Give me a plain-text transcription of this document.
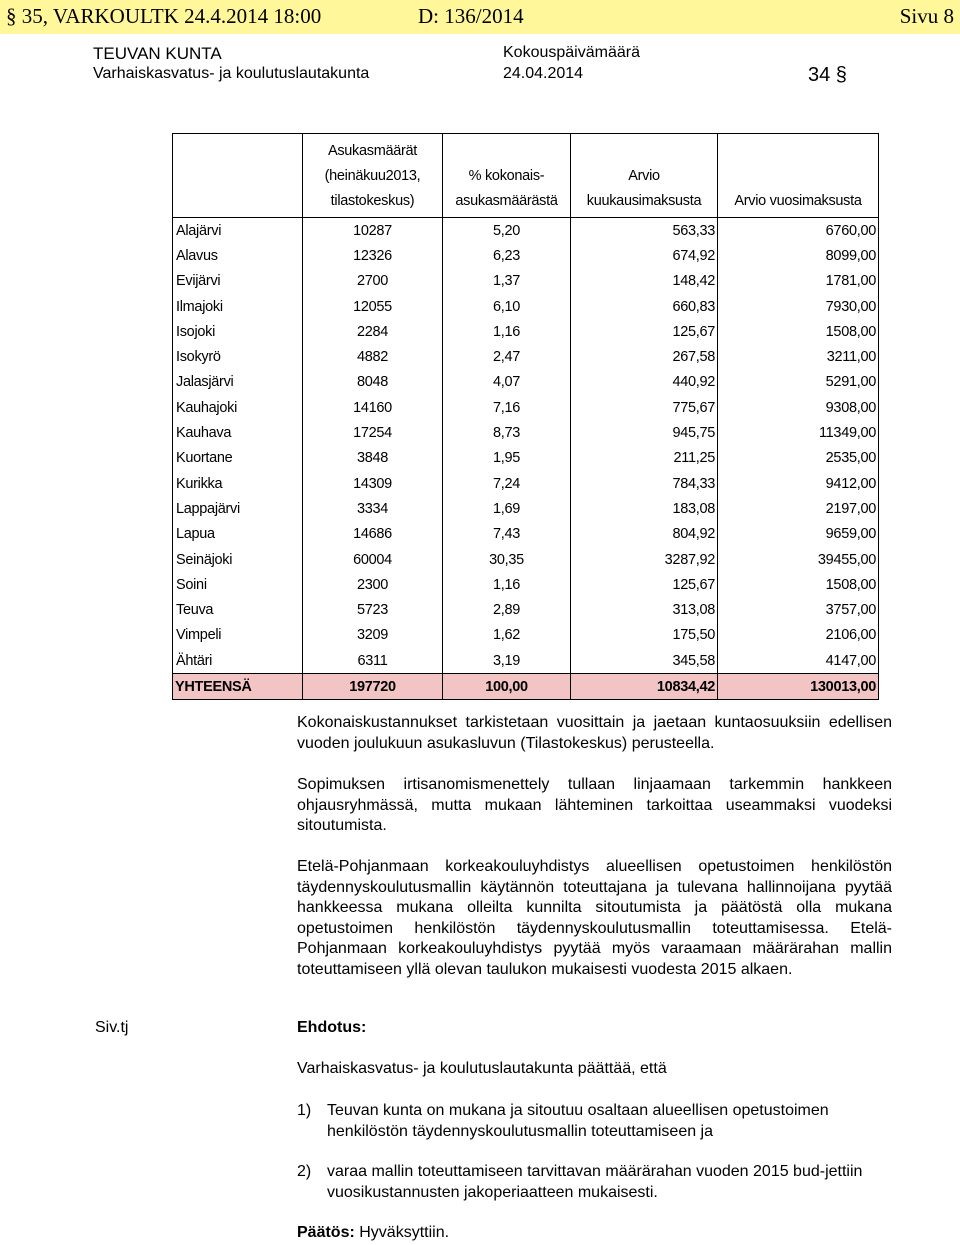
§ 35, VARKOULTK 24.4.2014 18:00	D: 136/2014	Sivu 8
TEUVAN KUNTA
Varhaiskasvatus- ja koulutuslautakunta
Kokouspäivämäärä
24.04.2014	34 §
	Asukasmäärät (heinäkuu2013, tilastokeskus)	% kokonais-asukasmäärästä	Arvio kuukausimaksusta	Arvio vuosimaksusta
Alajärvi	10287	5,20	563,33	6760,00
Alavus	12326	6,23	674,92	8099,00
Evijärvi	2700	1,37	148,42	1781,00
Ilmajoki	12055	6,10	660,83	7930,00
Isojoki	2284	1,16	125,67	1508,00
Isokyrö	4882	2,47	267,58	3211,00
Jalasjärvi	8048	4,07	440,92	5291,00
Kauhajoki	14160	7,16	775,67	9308,00
Kauhava	17254	8,73	945,75	11349,00
Kuortane	3848	1,95	211,25	2535,00
Kurikka	14309	7,24	784,33	9412,00
Lappajärvi	3334	1,69	183,08	2197,00
Lapua	14686	7,43	804,92	9659,00
Seinäjoki	60004	30,35	3287,92	39455,00
Soini	2300	1,16	125,67	1508,00
Teuva	5723	2,89	313,08	3757,00
Vimpeli	3209	1,62	175,50	2106,00
Ähtäri	6311	3,19	345,58	4147,00
YHTEENSÄ	197720	100,00	10834,42	130013,00
Kokonaiskustannukset tarkistetaan vuosittain ja jaetaan kuntaosuuksiin edellisen vuoden joulukuun asukasluvun (Tilastokeskus) perusteella.
Sopimuksen irtisanomismenettely tullaan linjaamaan tarkemmin hankkeen ohjausryhmässä, mutta mukaan lähteminen tarkoittaa useammaksi vuodeksi sitoutumista.
Etelä-Pohjanmaan korkeakouluyhdistys alueellisen opetustoimen henkilöstön täydennyskoulutusmallin käytännön toteuttajana ja tulevana hallinnoijana pyytää hankkeessa mukana olleilta kunnilta sitoutumista ja päätöstä olla mukana opetustoimen henkilöstön täydennyskoulutusmallin toteuttamisessa. Etelä-Pohjanmaan korkeakouluyhdistys pyytää myös varaamaan määrärahan mallin toteuttamiseen yllä olevan taulukon mukaisesti vuodesta 2015 alkaen.
Siv.tj	Ehdotus:
Varhaiskasvatus- ja koulutuslautakunta päättää, että
1) Teuvan kunta on mukana ja sitoutuu osaltaan alueellisen opetustoimen henkilöstön täydennyskoulutusmallin toteuttamiseen ja
2) varaa mallin toteuttamiseen tarvittavan määrärahan vuoden 2015 bud-jettiin vuosikustannusten jakoperiaatteen mukaisesti.
Päätös: Hyväksyttiin.
